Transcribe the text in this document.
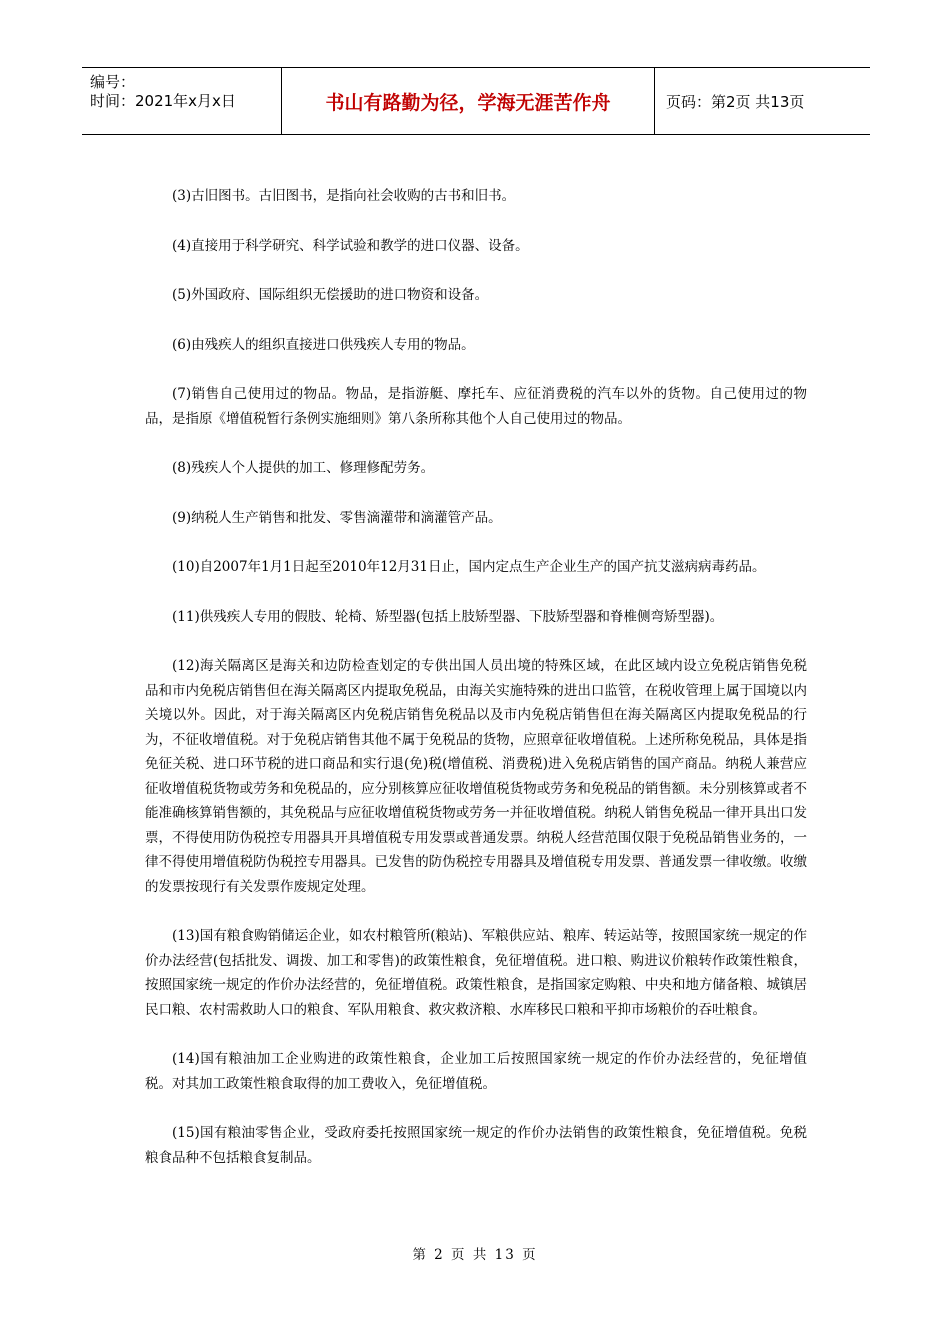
编号：
时间：2021年x月x日	书山有路勤为径，学海无涯苦作舟	页码：第2页 共13页

(3)古旧图书。古旧图书，是指向社会收购的古书和旧书。

(4)直接用于科学研究、科学试验和教学的进口仪器、设备。

(5)外国政府、国际组织无偿援助的进口物资和设备。

(6)由残疾人的组织直接进口供残疾人专用的物品。

(7)销售自己使用过的物品。物品，是指游艇、摩托车、应征消费税的汽车以外的货物。自己使用过的物品，是指原《增值税暂行条例实施细则》第八条所称其他个人自己使用过的物品。

(8)残疾人个人提供的加工、修理修配劳务。

(9)纳税人生产销售和批发、零售滴灌带和滴灌管产品。

(10)自2007年1月1日起至2010年12月31日止，国内定点生产企业生产的国产抗艾滋病病毒药品。

(11)供残疾人专用的假肢、轮椅、矫型器(包括上肢矫型器、下肢矫型器和脊椎侧弯矫型器)。

(12)海关隔离区是海关和边防检查划定的专供出国人员出境的特殊区域，在此区域内设立免税店销售免税品和市内免税店销售但在海关隔离区内提取免税品，由海关实施特殊的进出口监管，在税收管理上属于国境以内关境以外。因此，对于海关隔离区内免税店销售免税品以及市内免税店销售但在海关隔离区内提取免税品的行为，不征收增值税。对于免税店销售其他不属于免税品的货物，应照章征收增值税。上述所称免税品，具体是指免征关税、进口环节税的进口商品和实行退(免)税(增值税、消费税)进入免税店销售的国产商品。纳税人兼营应征收增值税货物或劳务和免税品的，应分别核算应征收增值税货物或劳务和免税品的销售额。未分别核算或者不能准确核算销售额的，其免税品与应征收增值税货物或劳务一并征收增值税。纳税人销售免税品一律开具出口发票，不得使用防伪税控专用器具开具增值税专用发票或普通发票。纳税人经营范围仅限于免税品销售业务的，一律不得使用增值税防伪税控专用器具。已发售的防伪税控专用器具及增值税专用发票、普通发票一律收缴。收缴的发票按现行有关发票作废规定处理。

(13)国有粮食购销储运企业，如农村粮管所(粮站)、军粮供应站、粮库、转运站等，按照国家统一规定的作价办法经营(包括批发、调拨、加工和零售)的政策性粮食，免征增值税。进口粮、购进议价粮转作政策性粮食，按照国家统一规定的作价办法经营的，免征增值税。政策性粮食，是指国家定购粮、中央和地方储备粮、城镇居民口粮、农村需救助人口的粮食、军队用粮食、救灾救济粮、水库移民口粮和平抑市场粮价的吞吐粮食。

(14)国有粮油加工企业购进的政策性粮食，企业加工后按照国家统一规定的作价办法经营的，免征增值税。对其加工政策性粮食取得的加工费收入，免征增值税。

(15)国有粮油零售企业，受政府委托按照国家统一规定的作价办法销售的政策性粮食，免征增值税。免税粮食品种不包括粮食复制品。

第 2 页 共 13 页
